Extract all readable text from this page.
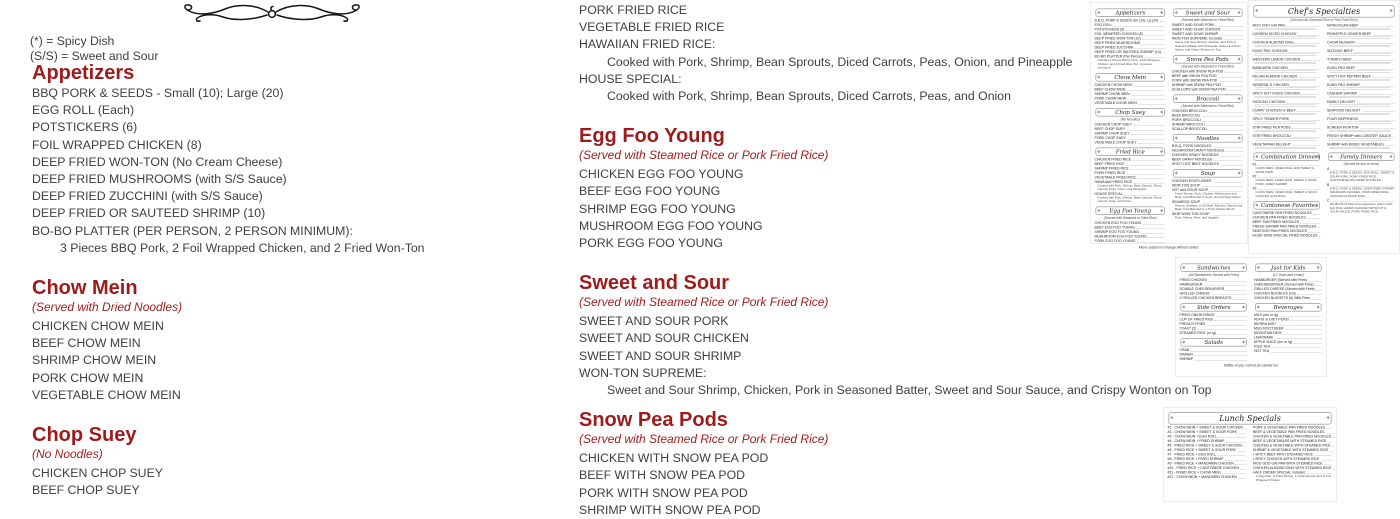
(*) = Spicy Dish
(S/S) = Sweet and Sour
Appetizers
BBQ PORK & SEEDS - Small (10); Large (20)
EGG ROLL (Each)
POTSTICKERS (6)
FOIL WRAPPED CHICKEN (8)
DEEP FRIED WON-TON (No Cream Cheese)
DEEP FRIED MUSHROOMS (with S/S Sauce)
DEEP FRIED ZUCCHINI (with S/S Sauce)
DEEP FRIED OR SAUTEED SHRIMP (10)
BO-BO PLATTER (PER PERSON, 2 PERSON MINIMUM):
3 Pieces BBQ Pork, 2 Foil Wrapped Chicken, and 2 Fried Won-Ton
Chow Mein
(Served with Dried Noodles)
CHICKEN CHOW MEIN
BEEF CHOW MEIN
SHRIMP CHOW MEIN
PORK CHOW MEIN
VEGETABLE CHOW MEIN
Chop Suey
(No Noodles)
CHICKEN CHOP SUEY
BEEF CHOP SUEY
PORK FRIED RICE
VEGETABLE FRIED RICE
HAWAIIAN FRIED RICE:
Cooked with Pork, Shrimp, Bean Sprouts, Diced Carrots, Peas, Onion, and Pineapple
HOUSE SPECIAL:
Cooked with Pork, Shrimp, Bean Sprouts, Diced Carrots, Peas, and Onion
Egg Foo Young
(Served with Steamed Rice or Pork Fried Rice)
CHICKEN EGG FOO YOUNG
BEEF EGG FOO YOUNG
SHRIMP EGG FOO YOUNG
MUSHROOM EGG FOO YOUNG
PORK EGG FOO YOUNG
Sweet and Sour
(Served with Steamed Rice or Pork Fried Rice)
SWEET AND SOUR PORK
SWEET AND SOUR CHICKEN
SWEET AND SOUR SHRIMP
WON-TON SUPREME:
Sweet and Sour Shrimp, Chicken, Pork in Seasoned Batter, Sweet and Sour Sauce, and Crispy Wonton on Top
Snow Pea Pods
(Served with Steamed Rice or Pork Fried Rice)
CHICKEN WITH SNOW PEA POD
BEEF WITH SNOW PEA POD
PORK WITH SNOW PEA POD
SHRIMP WITH SNOW PEA POD
❖ Appetizers ❖
B.B.Q. PORK & SEEDS Sm (10); Lg (20)
EGG ROLL
POTSTICKERS (6)
FOIL WRAPPED CHICKEN (8)
DEEP FRIED WON-TON (10)
DEEP FRIED MUSHROOMS
DEEP FRIED ZUCCHINI
DEEP FRIED OR SAUTEED SHRIMP (10)
BO-BO PLATTER (Per Person)
Includes 3 Pieces B.B.Q. Pork, 2 Foil Wrapped Chicken, and 2 Fried Won-Ton. (2 person minimum)
❖ Chow Mein ❖
CHICKEN CHOW MEIN
BEEF CHOW MEIN
SHRIMP CHOW MEIN
PORK CHOW MEIN
VEGETABLE CHOW MEIN
❖ Chop Suey ❖
(No Noodles)
CHICKEN CHOP SUEY
BEEF CHOP SUEY
SHRIMP CHOP SUEY
PORK CHOP SUEY
VEGETABLE CHOP SUEY
❖ Fried Rice ❖
CHICKEN FRIED RICE
BEEF FRIED RICE
SHRIMP FRIED RICE
PORK FRIED RICE
VEGETABLE FRIED RICE
HAWAIIAN FRIED RICE
Cooked with Pork, Shrimp, Bean Sprouts, Diced Carrots, Peas, Onion, and Pineapple
HOUSE SPECIAL
Cooked with Pork, Shrimp, Bean Sprouts, Diced Carrots, Peas, and Onion
❖ Egg Foo Young ❖
(Served with Steamed or Fried Rice)
CHICKEN EGG FOO YOUNG
BEEF EGG FOO YOUNG
SHRIMP EGG FOO YOUNG
MUSHROOM EGG FOO YOUNG
PORK EGG FOO YOUNG
❖ Sweet and Sour ❖
(Served with Steamed or Fried Rice)
SWEET AND SOUR PORK
SWEET AND SOUR CHICKEN
SWEET AND SOUR SHRIMP
WON-TON SUPREME: Includes
Sweet and Sour Shrimp, Chicken, and Pork in Seasoned Batter with Pineapple, Sweet and Sour Sauce, and Crispy Wonton on Top
❖ Snow Pea Pods ❖
(Served with Steamed or Fried Rice)
CHICKEN with SNOW PEA POD
BEEF with SNOW PEA POD
PORK with SNOW PEA POD
SHRIMP with SNOW PEA POD
SCALLOPS with SNOW PEA POD
❖ Broccoli ❖
(Served with Steamed or Fried Rice)
CHICKEN BROCCOLI
BEEF BROCCOLI
PORK BROCCOLI
SHRIMP BROCCOLI
SCALLOP BROCCOLI
❖ Noodles ❖
B.B.Q. PORK NOODLES
MUSHROOM GRAVY NOODLES
CHICKEN GRAVY NOODLES
BEEF GRAVY NOODLES
SPICY HOT BEEF NOODLES
❖ Soup ❖
CHICKEN EGGFLOWER
WOR-TON SOUP
HOT and SOUR SOUP
Fresh Shrimp, Pork, Chicken, Mushrooms and Bean Curd Blended in Soup, Hot and Sour Flavor
SEAWEED SOUP
Shrimp, Scallops, Crab Meat, Bamboo Shoots and Bean Curd Blended in a Thick Chicken Broth
WOR WON-TON SOUP
Pork, Shrimp, Beef, and Veggies
Menu subject to change without notice.
❖ Chef's Specialties ❖
(Served with Steamed Rice or Pork Fried Rice)
MOO GOO GAI PAN
CASHEW DICED CHICKEN
CHICKEN ALMOND DING
KUNG PAO CHICKEN
WESTERN LEMON CHICKEN
MANDARIN CHICKEN
PECAN ALMOND CHICKEN
GENERAL'S CHICKEN
SPICY HOT DICED CHICKEN
SIZZLING CHICKEN
CURRY CHICKEN or BEEF
SPICY TENDER PORK
STIR FRIED PEA PODS
STIR FRIED BROCCOLI
VEGETARIAN DELIGHT
❖ Combination Dinners ❖
#1
CHOW MEIN, FRIED RICE, AND SWEET & SOUR PORK
#2
CHOW MEIN, FRIED RICE, SWEET & SOUR PORK, FRIED SHRIMP
#3
CHOW MEIN, FRIED RICE, SWEET & SOUR CHICKEN, EGG ROLL
❖ Cantonese Favorites ❖
CANTONESE PAN FRIED NOODLES
CHICKEN PAN FRIED NOODLES
BEEF PAN FRIED NOODLES
FRESH SHRIMP PAN FRIED NOODLES
SEAFOOD PAN FRIED NOODLES
HOUR SING SPECIAL FRIED NOODLES
MONGOLIAN BEEF
PINEAPPLE GINGER BEEF
CHOW MUSHON
SIZZLING BEEF
TOMATO BEEF
KUNG PAO BEEF
SPICY HOT PEPPER BEEF
KUNG PAO SHRIMP
CASHEW SHRIMP
FAMILY DELIGHT
SEAFOOD DELIGHT
FOUR HAPPINESS
SCREEN WONTON
FRESH SHRIMP with LOBSTER SAUCE
SHRIMP with MIXED VEGETABLES
❖ Family Dinners ❖
(Served for two or more)
A
B.B.Q. PORK & SEEDS, EGG ROLL, SWEET & SOUR PORK, PORK FRIED RICE, CANTONESE PAN FRIED NOODLES
B
B.B.Q. PORK & SEEDS, DEEP FRIED SHRIMP, MANDARIN CHICKEN, PORK FRIED RICE, CHICKEN ALMOND DING
C
BO-BO PLATTER (One Appetizer), MOO GOO GAI PAN, LEMON CHICKEN WITHOUT & SOUR SAUCE, PORK FRIED RICE
❖ Sandwiches ❖
(All Sandwiches Served with Fries)
FRIED CHICKEN
HAMBURGER
DOUBLE CHEESEBURGER
GRILLED CHEESE
2 GRILLED CHICKEN BREASTS
❖ Side Orders ❖
FRIED ONION RINGS
CUP OF FRIED RICE
FRENCH FRIES
TOAST (2)
STEAMED RICE (or lg)
❖ Salads ❖
CRAB
DINNER
SHRIMP
❖ Just for Kids ❖
(12 Years and Under)
HAMBURGER (Served with Fries)
CHEESEBURGER (Served with Fries)
GRILLED CHEESE (Served with Fries)
CHICKEN NOODLES (sm)
CHICKEN NUGGETS (6) With Fries
❖ Beverages ❖
MILK (sm or lg)
PEPSI or DIET PEPSI
SIERRA MIST
MUG ROOT BEER
MOUNTAIN DEW
LEMONADE
APPLE JUICE (sm or lg)
ICED TEA
HOT TEA
Refills of pop cannot be carried out
❖ Lunch Specials ❖
#1 - CHOW MEIN + SWEET & SOUR CHICKEN
#2 - CHOW MEIN + SWEET & SOUR PORK
#3 - CHOW MEIN + EGG ROLL
#4 - CHOW MEIN + FRIED SHRIMP
#5 - FRIED RICE + SWEET & SOUR CHICKEN
#6 - FRIED RICE + SWEET & SOUR PORK
#7 - FRIED RICE + EGG ROLL
#8 - FRIED RICE + FRIED SHRIMP
#9 - FRIED RICE + MANDARIN CHICKEN
#10 - FRIED RICE + CANTONESE CHICKEN
#11 - FRIED RICE + CHOW MEIN
#12 - CHOW MEIN + MANDARIN CHICKEN
PORK & VEGETABLE PAN FRIED NOODLES
BEEF & VEGETABLE PAN FRIED NOODLES
CHICKEN & VEGETABLE PAN FRIED NOODLES
BEEF & VEGETABLES WITH STEAMED RICE
CHICKEN & VEGETABLE WITH STEAMED RICE
SHRIMP & VEGETABLE WITH STEAMED RICE
▪ SPICY BEEF WITH STEAMED RICE
▪ SPICY CHICKEN WITH STEAMED RICE
MOO GOO GAI PAN WITH STEAMED RICE
CHICKEN ALMOND DING WITH STEAMED RICE
HALF ORDER SPECIAL includes:
1) Egg Roll, 1) Fried Shrimp, 1) Crab Wonton and 1) Foil Wrapped Chicken
